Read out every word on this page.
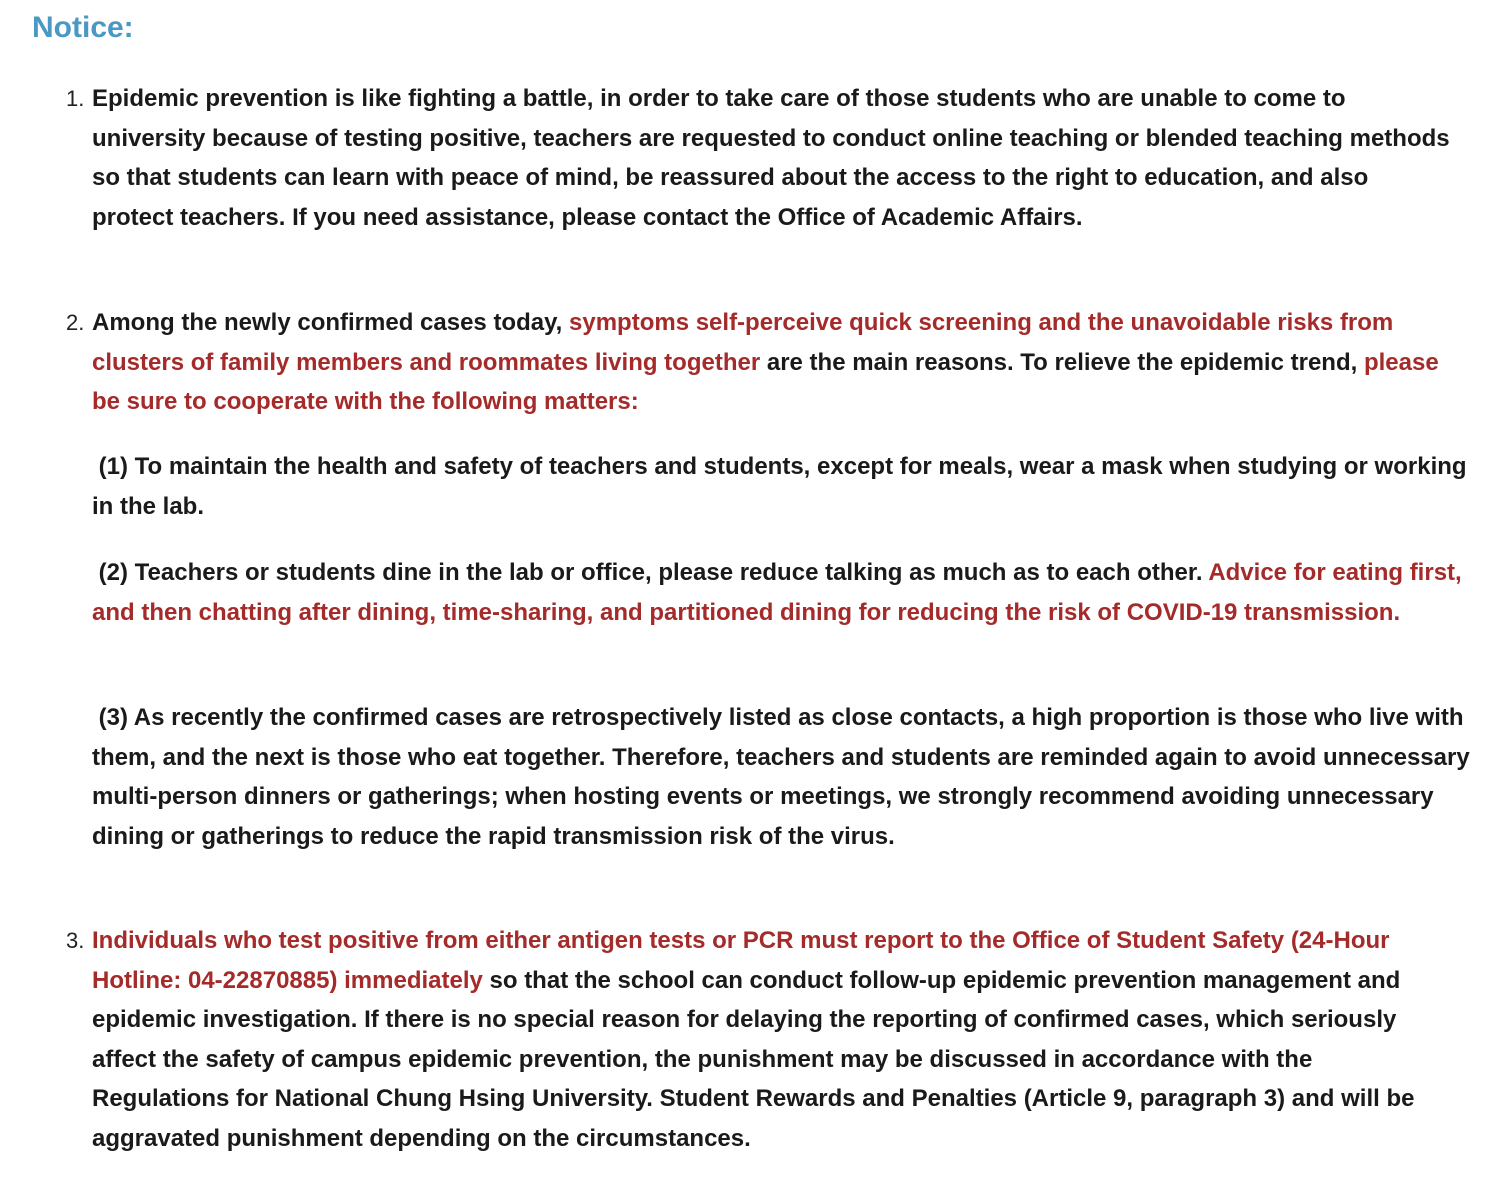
Notice:
1. Epidemic prevention is like fighting a battle, in order to take care of those students who are unable to come to university because of testing positive, teachers are requested to conduct online teaching or blended teaching methods so that students can learn with peace of mind, be reassured about the access to the right to education, and also protect teachers. If you need assistance, please contact the Office of Academic Affairs.
2. Among the newly confirmed cases today, symptoms self-perceive quick screening and the unavoidable risks from clusters of family members and roommates living together are the main reasons. To relieve the epidemic trend, please be sure to cooperate with the following matters:
(1) To maintain the health and safety of teachers and students, except for meals, wear a mask when studying or working in the lab.
(2) Teachers or students dine in the lab or office, please reduce talking as much as to each other. Advice for eating first, and then chatting after dining, time-sharing, and partitioned dining for reducing the risk of COVID-19 transmission.
(3) As recently the confirmed cases are retrospectively listed as close contacts, a high proportion is those who live with them, and the next is those who eat together. Therefore, teachers and students are reminded again to avoid unnecessary multi-person dinners or gatherings; when hosting events or meetings, we strongly recommend avoiding unnecessary dining or gatherings to reduce the rapid transmission risk of the virus.
3. Individuals who test positive from either antigen tests or PCR must report to the Office of Student Safety (24-Hour Hotline: 04-22870885) immediately so that the school can conduct follow-up epidemic prevention management and epidemic investigation. If there is no special reason for delaying the reporting of confirmed cases, which seriously affect the safety of campus epidemic prevention, the punishment may be discussed in accordance with the Regulations for National Chung Hsing University. Student Rewards and Penalties (Article 9, paragraph 3) and will be aggravated punishment depending on the circumstances.
